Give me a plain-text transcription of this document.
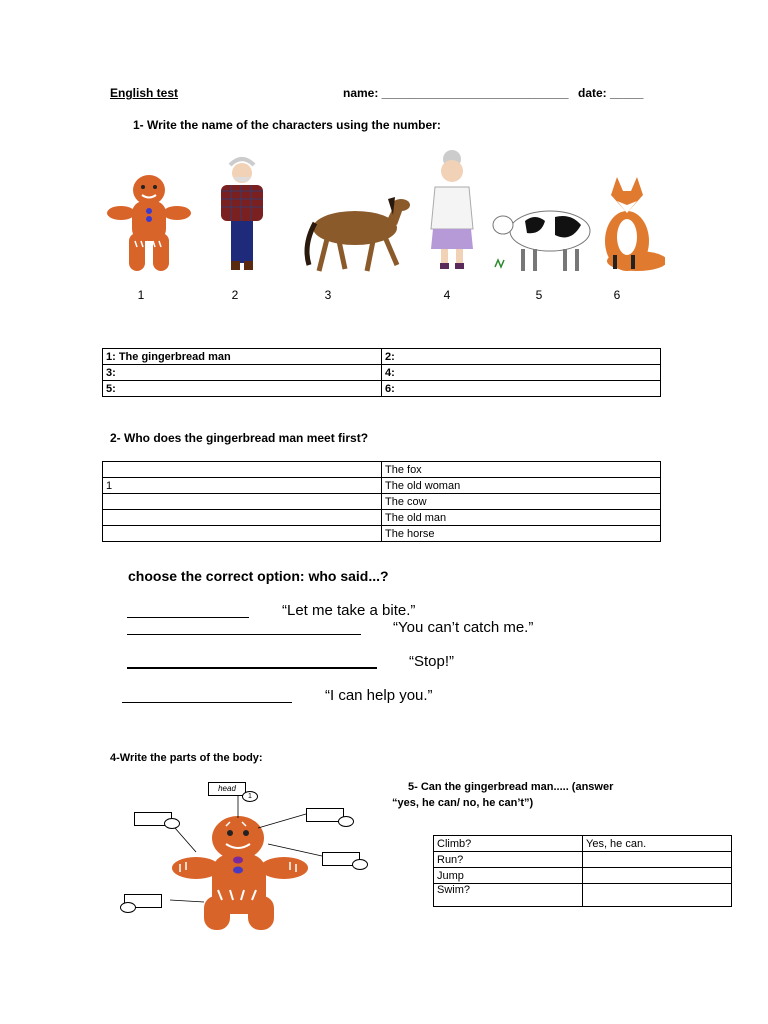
English test	name: ____________________________ date: _____
1- Write the name of the characters using the number:
1	2	3	4	5	6
1: The gingerbread man	2:
3:	4:
5:	6:
2- Who does the gingerbread man meet first?
	The fox
1	The old woman
	The cow
	The old man
	The horse
choose the correct option: who said...?
“Let me take a bite.”
“You can’t catch me.”
“Stop!”
“I can help you.”
4-Write the parts of the body:
head
1
5- Can the gingerbread man..... (answer
“yes, he can/ no, he can’t”)
Climb?	Yes, he can.
Run?	
Jump	
Swim?	
